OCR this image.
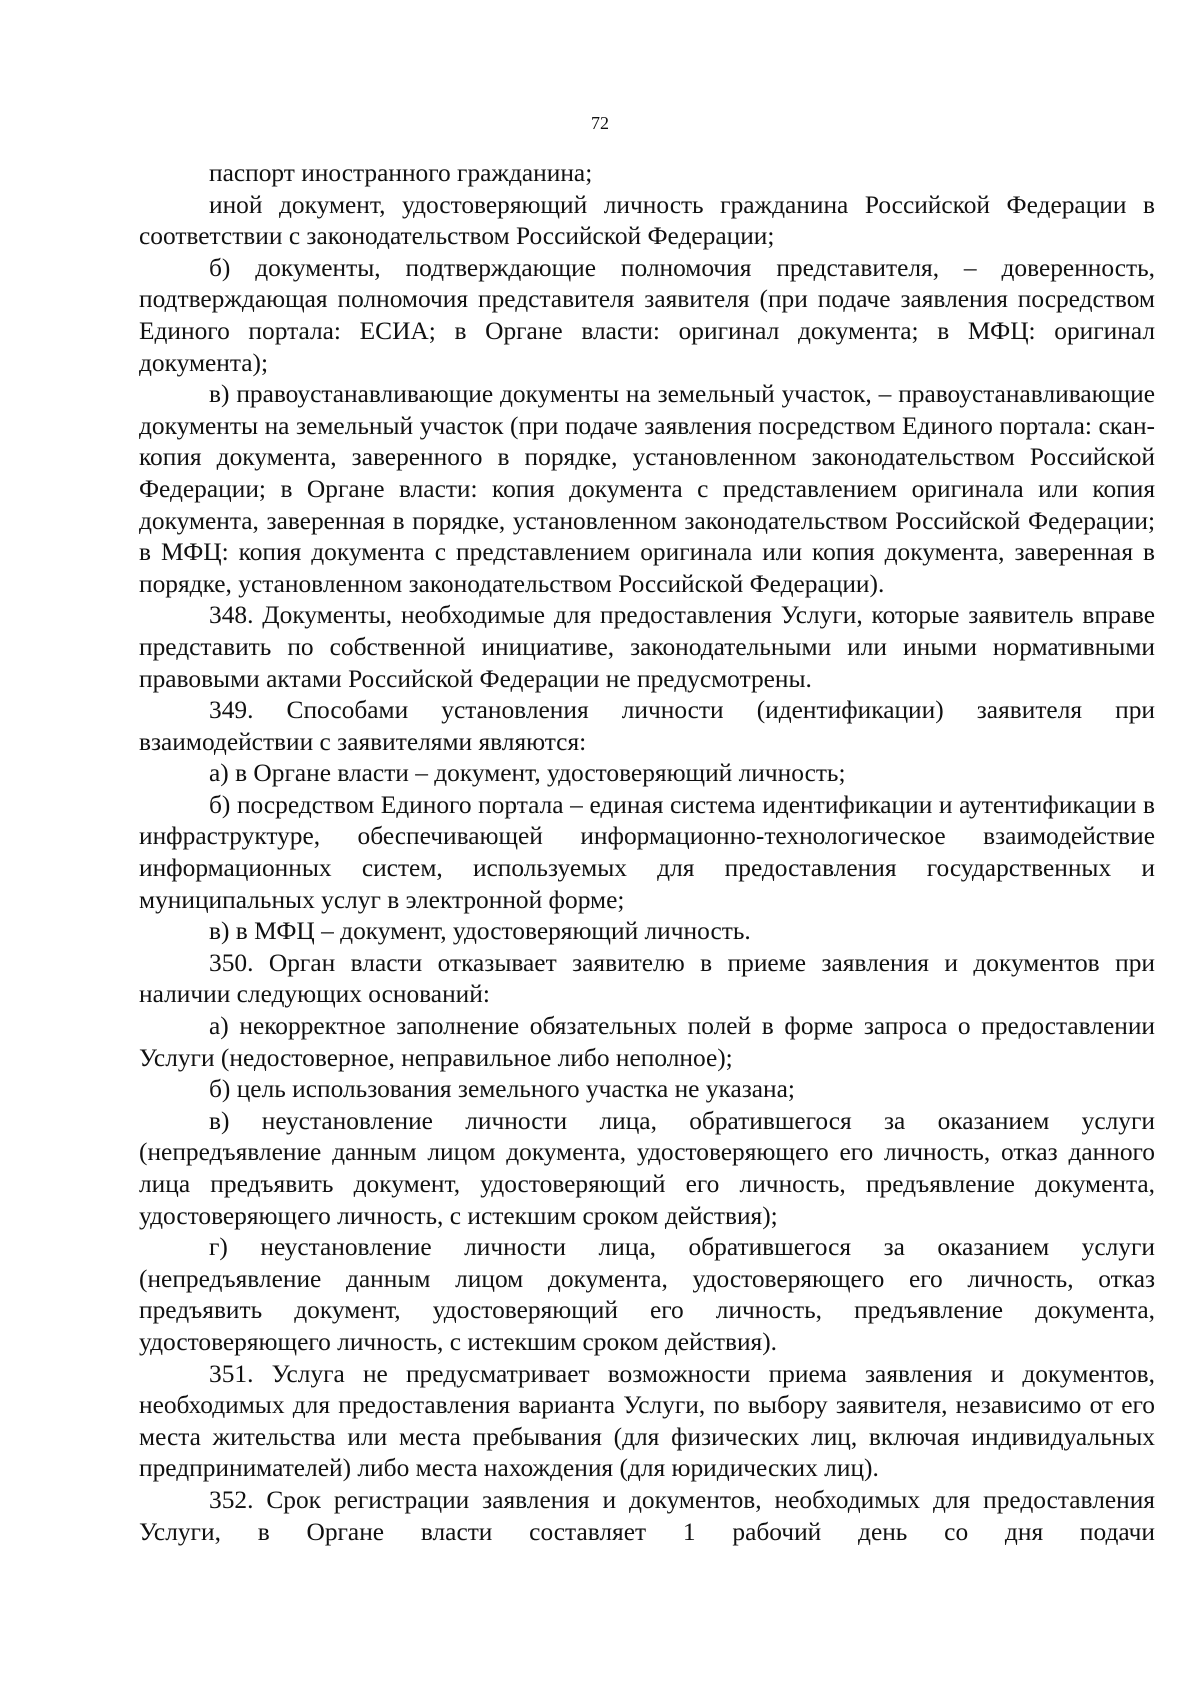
72

паспорт иностранного гражданина;

иной документ, удостоверяющий личность гражданина Российской Федерации в соответствии с законодательством Российской Федерации;

б) документы, подтверждающие полномочия представителя, – доверенность, подтверждающая полномочия представителя заявителя (при подаче заявления посредством Единого портала: ЕСИА; в Органе власти: оригинал документа; в МФЦ: оригинал документа);

в) правоустанавливающие документы на земельный участок, – правоустанавливающие документы на земельный участок (при подаче заявления посредством Единого портала: скан-копия документа, заверенного в порядке, установленном законодательством Российской Федерации; в Органе власти: копия документа с представлением оригинала или копия документа, заверенная в порядке, установленном законодательством Российской Федерации; в МФЦ: копия документа с представлением оригинала или копия документа, заверенная в порядке, установленном законодательством Российской Федерации).

348. Документы, необходимые для предоставления Услуги, которые заявитель вправе представить по собственной инициативе, законодательными или иными нормативными правовыми актами Российской Федерации не предусмотрены.

349. Способами установления личности (идентификации) заявителя при взаимодействии с заявителями являются:

а) в Органе власти – документ, удостоверяющий личность;

б) посредством Единого портала – единая система идентификации и аутентификации в инфраструктуре, обеспечивающей информационно-технологическое взаимодействие информационных систем, используемых для предоставления государственных и муниципальных услуг в электронной форме;

в) в МФЦ – документ, удостоверяющий личность.

350. Орган власти отказывает заявителю в приеме заявления и документов при наличии следующих оснований:

а) некорректное заполнение обязательных полей в форме запроса о предоставлении Услуги (недостоверное, неправильное либо неполное);

б) цель использования земельного участка не указана;

в) неустановление личности лица, обратившегося за оказанием услуги (непредъявление данным лицом документа, удостоверяющего его личность, отказ данного лица предъявить документ, удостоверяющий его личность, предъявление документа, удостоверяющего личность, с истекшим сроком действия);

г) неустановление личности лица, обратившегося за оказанием услуги (непредъявление данным лицом документа, удостоверяющего его личность, отказ предъявить документ, удостоверяющий его личность, предъявление документа, удостоверяющего личность, с истекшим сроком действия).

351. Услуга не предусматривает возможности приема заявления и документов, необходимых для предоставления варианта Услуги, по выбору заявителя, независимо от его места жительства или места пребывания (для физических лиц, включая индивидуальных предпринимателей) либо места нахождения (для юридических лиц).

352. Срок регистрации заявления и документов, необходимых для предоставления Услуги, в Органе власти составляет 1 рабочий день со дня подачи
